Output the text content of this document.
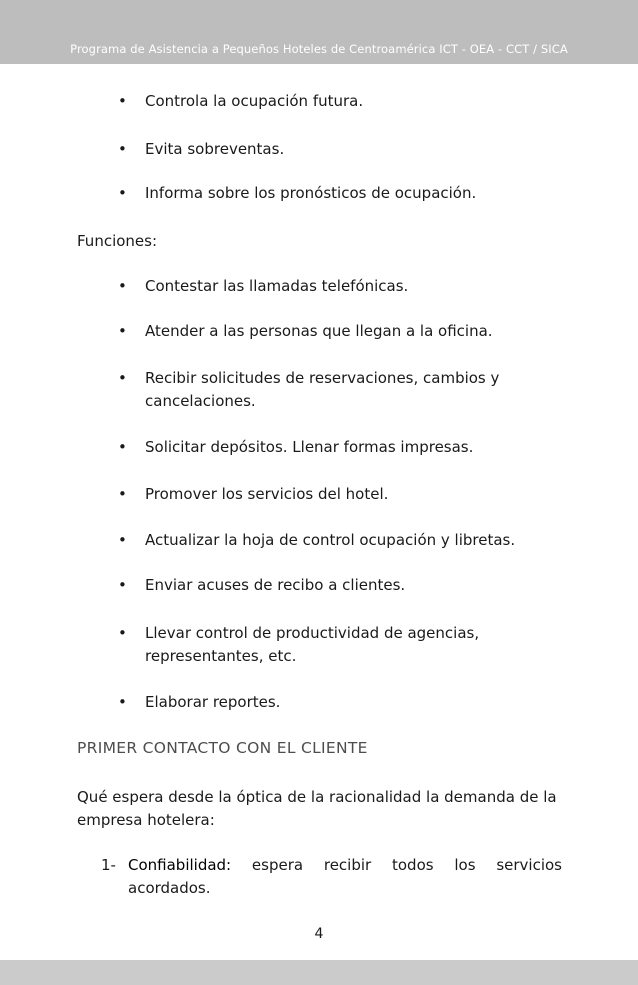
Programa de Asistencia a Pequeños Hoteles de Centroamérica ICT - OEA - CCT / SICA
• Controla la ocupación futura.
• Evita sobreventas.
• Informa sobre los pronósticos de ocupación.
Funciones:
• Contestar las llamadas telefónicas.
• Atender a las personas que llegan a la oficina.
• Recibir solicitudes de reservaciones, cambios y cancelaciones.
• Solicitar depósitos. Llenar formas impresas.
• Promover los servicios del hotel.
• Actualizar la hoja de control ocupación y libretas.
• Enviar acuses de recibo a clientes.
• Llevar control de productividad de agencias, representantes, etc.
• Elaborar reportes.
PRIMER CONTACTO CON EL CLIENTE

Qué espera desde la óptica de la racionalidad la demanda de la empresa hotelera:

1- Confiabilidad: espera recibir todos los servicios acordados.
4
